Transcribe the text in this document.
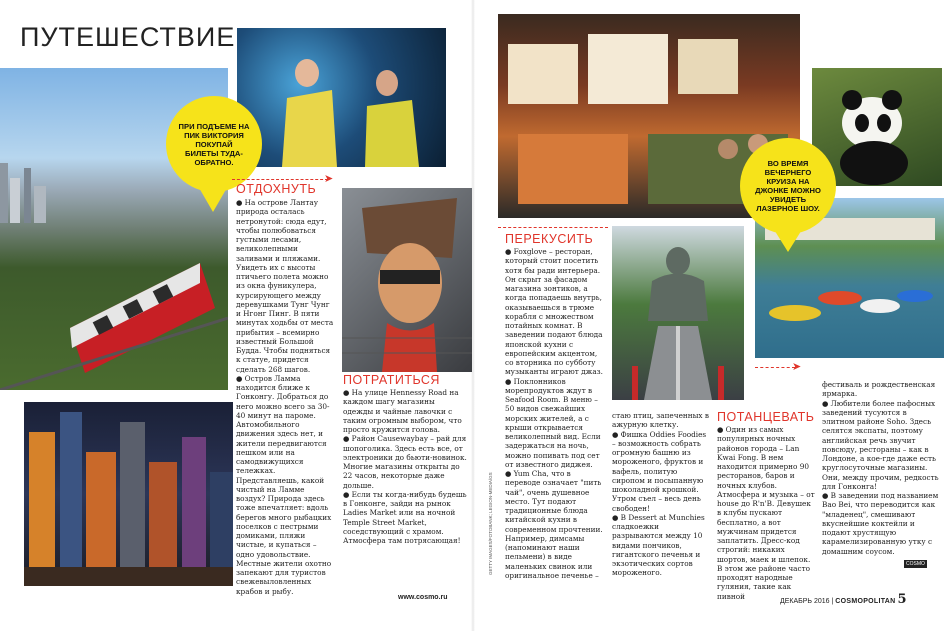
ПУТЕШЕСТВИЕ
ПРИ ПОДЪЕМЕ НА ПИК ВИКТОРИЯ ПОКУПАЙ БИЛЕТЫ ТУДА-ОБРАТНО.	ВО ВРЕМЯ ВЕЧЕРНЕГО КРУИЗА НА ДЖОНКЕ МОЖНО УВИДЕТЬ ЛАЗЕРНОЕ ШОУ.
➤
➤
ОТДОХНУТЬ
ПОТРАТИТЬСЯ
ПЕРЕКУСИТЬ
ПОТАНЦЕВАТЬ

● На острове Лантау природа осталась нетронутой: сюда едут, чтобы полюбоваться густыми лесами, великолепными заливами и пляжами. Увидеть их с высоты птичьего полета можно из окна фуникулера, курсирующего между деревушками Тунг Чунг и Нгонг Пинг. В пяти минутах ходьбы от места прибытия – всемирно известный Большой Будда. Чтобы подняться к статуе, придется сделать 268 шагов.

● Остров Ламма находится ближе к Гонконгу. Добраться до него можно всего за 30-40 минут на пароме. Автомобильного движения здесь нет, и жители передвигаются пешком или на самодвижущихся тележках. Представляешь, какой чистый на Ламме воздух? Природа здесь тоже впечатляет: вдоль берегов много рыбацких поселков с пестрыми домиками, пляжи чистые, и купаться – одно удовольствие. Местные жители охотно запекают для туристов свежевыловленных крабов и рыбу.

● На улице Hennessy Road на каждом шагу магазины одежды и чайные лавочки с таким огромным выбором, что просто кружится голова.

● Район Causewaybay – рай для шопоголика. Здесь есть все, от электроники до бьюти-новинок. Многие магазины открыты до 22 часов, некоторые даже дольше.

● Если ты когда-нибудь будешь в Гонконге, зайди на рынок Ladies Market или на ночной Temple Street Market, соседствующий с храмом. Атмосфера там потрясающая!

● Foxglove – ресторан, который стоит посетить хотя бы ради интерьера. Он скрыт за фасадом магазина зонтиков, а когда попадаешь внутрь, оказываешься в трюме корабля с множеством потайных комнат. В заведении подают блюда японской кухни с европейским акцентом, со вторника по субботу музыканты играют джаз.

● Поклонников морепродуктов ждут в Seafood Room. В меню – 50 видов свежайших морских жителей, а с крыши открывается великолепный вид. Если задержаться на ночь, можно попивать под сет от известного диджея.

● Yum Cha, что в переводе означает "пить чай", очень душевное место. Тут подают традиционные блюда китайской кухни в современном прочтении. Например, димсамы (напоминают наши пельмени) в виде маленьких свинок или оригинальное печенье –

стаю птиц, запеченных в ажурную клетку.

● Фишка Oddies Foodies – возможность собрать огромную башню из мороженого, фруктов и вафель, политую сиропом и посыпанную шоколадной крошкой. Утром съел – весь день свободен!

● В Dessert at Munchies сладкоежки разрываются между 10 видами пончиков, гигантского печенья и экзотических сортов мороженого.

● Один из самых популярных ночных районов города – Lan Kwai Fong. В нем находится примерно 90 ресторанов, баров и ночных клубов. Атмосфера и музыка – от house до R'n'B. Девушек в клубы пускают бесплатно, а вот мужчинам придется заплатить. Дресс-код строгий: никаких шортов, маек и шлепок. В этом же районе часто проходят народные гуляния, такие как пивной

фестиваль и рождественская ярмарка.

● Любители более пафосных заведений тусуются в элитном районе Soho. Здесь селятся экспаты, поэтому английская речь звучит повсюду, рестораны – как в Лондоне, а кое-где даже есть круглосуточные магазины. Они, между прочим, редкость для Гонконга!

● В заведении под названием Bao Bei, что переводится как "младенец", смешивают вкуснейшие коктейли и подают хрустящую карамелизированную утку с домашним соусом.

COSMO
GETTY IMAGES/FOTOBANK; LEGION-MEDIA/GS
www.cosmo.ru
ДЕКАБРЬ 2016 | COSMOPOLITAN 5
